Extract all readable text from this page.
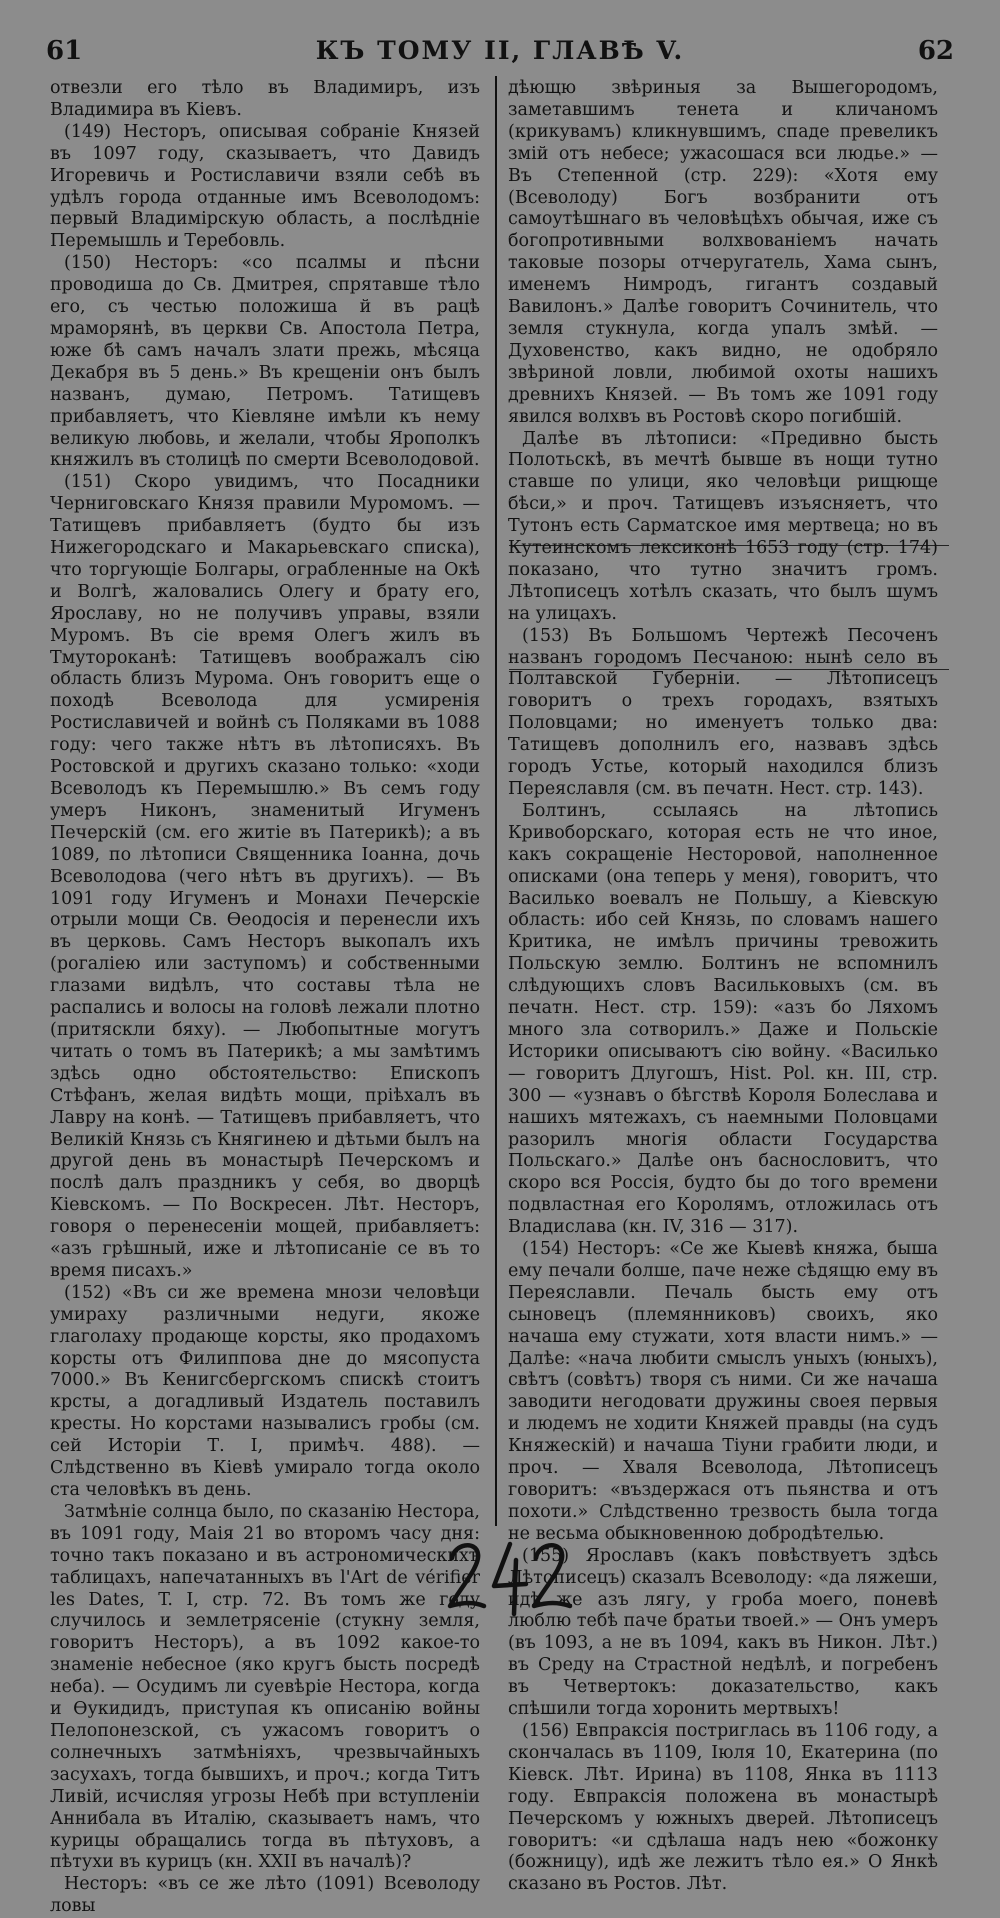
61	КЪ ТОМУ II, ГЛАВѢ V.	62

отвезли его тѣло въ Владимиръ, изъ Владимира въ Кіевъ.

(149) Несторъ, описывая собраніе Князей въ 1097 году, сказываетъ, что Давидъ Игоревичь и Ростиславичи взяли себѣ въ удѣлъ города отданные имъ Всеволодомъ: первый Владимірскую область, а послѣдніе Перемышль и Теребовль.

(150) Несторъ: «со псалмы и пѣсни проводиша до Св. Дмитрея, спрятавше тѣло его, съ честью положиша й въ рацѣ мраморянѣ, въ церкви Св. Апостола Петра, юже бѣ самъ началъ злати прежь, мѣсяца Декабря въ 5 день.» Въ крещеніи онъ былъ названъ, думаю, Петромъ. Татищевъ прибавляетъ, что Кіевляне имѣли къ нему великую любовь, и желали, чтобы Ярополкъ княжилъ въ столицѣ по смерти Всеволодовой.

(151) Скоро увидимъ, что Посадники Черниговскаго Князя правили Муромомъ. — Татищевъ прибавляетъ (будто бы изъ Нижегородскаго и Макарьевскаго списка), что торгующіе Болгары, ограбленные на Окѣ и Волгѣ, жаловались Олегу и брату его, Ярославу, но не получивъ управы, взяли Муромъ. Въ сіе время Олегъ жилъ въ Тмутороканѣ: Татищевъ воображалъ сію область близъ Мурома. Онъ говоритъ еще о походѣ Всеволода для усмиренія Ростиславичей и войнѣ съ Поляками въ 1088 году: чего также нѣтъ въ лѣтописяхъ. Въ Ростовской и другихъ сказано только: «ходи Всеволодъ къ Перемышлю.» Въ семъ году умеръ Никонъ, знаменитый Игуменъ Печерскій (см. его житіе въ Патерикѣ); а въ 1089, по лѣтописи Священника Іоанна, дочь Всеволодова (чего нѣтъ въ другихъ). — Въ 1091 году Игуменъ и Монахи Печерскіе отрыли мощи Св. Ѳеодосія и перенесли ихъ въ церковь. Самъ Несторъ выкопалъ ихъ (рогаліею или заступомъ) и собственными глазами видѣлъ, что составы тѣла не распались и волосы на головѣ лежали плотно (притяскли бяху). — Любопытные могутъ читать о томъ въ Патерикѣ; а мы замѣтимъ здѣсь одно обстоятельство: Епископъ Стѣфанъ, желая видѣть мощи, пріѣхалъ въ Лавру на конѣ. — Татищевъ прибавляетъ, что Великій Князь съ Княгинею и дѣтьми былъ на другой день въ монастырѣ Печерскомъ и послѣ далъ праздникъ у себя, во дворцѣ Кіевскомъ. — По Воскресен. Лѣт. Несторъ, говоря о перенесеніи мощей, прибавляетъ: «азъ грѣшный, иже и лѣтописаніе се въ то время писахъ.»

(152) «Въ си же времена мнози человѣци умираху различными недуги, якоже глаголаху продающе корсты, яко продахомъ корсты отъ Филиппова дне до мясопуста 7000.» Въ Кенигсбергскомъ спискѣ стоитъ крсты, а догадливый Издатель поставилъ кресты. Но корстами называлисъ гробы (см. сей Исторіи Т. I, примѣч. 488). — Слѣдственно въ Кіевѣ умирало тогда около ста человѣкъ въ день.

Затмѣніе солнца было, по сказанію Нестора, въ 1091 году, Маія 21 во второмъ часу дня: точно такъ показано и въ астрономическихъ таблицахъ, напечатанныхъ въ l'Art de vérifier les Dates, T. I, стр. 72. Въ томъ же году случилось и землетрясеніе (стукну земля, говоритъ Несторъ), а въ 1092 какое-то знаменіе небесное (яко кругъ бысть посредѣ неба). — Осудимъ ли суевѣріе Нестора, когда и Ѳукидидъ, приступая къ описанію войны Пелопонезской, съ ужасомъ говоритъ о солнечныхъ затмѣніяхъ, чрезвычайныхъ засухахъ, тогда бывшихъ, и проч.; когда Титъ Ливій, исчисляя угрозы Небѣ при вступленіи Аннибала въ Италію, сказываетъ намъ, что курицы обращались тогда въ пѣтуховъ, а пѣтухи въ курицъ (кн. XXII въ началѣ)?

Несторъ: «въ се же лѣто (1091) Всеволоду ловы

дѣющю звѣриныя за Вышегородомъ, заметавшимъ тенета и кличаномъ (крикувамъ) кликнувшимъ, спаде превеликъ змій отъ небесе; ужасошася вси людье.» — Въ Степенной (стр. 229): «Хотя ему (Всеволоду) Богъ возбранити отъ самоутѣшнаго въ человѣцѣхъ обычая, иже съ богопротивными волхвованіемъ начать таковые позоры отчеругатель, Хама сынъ, именемъ Нимродъ, гигантъ создавый Вавилонъ.» Далѣе говоритъ Сочинитель, что земля стукнула, когда упалъ змѣй. — Духовенство, какъ видно, не одобряло звѣриной ловли, любимой охоты нашихъ древнихъ Князей. — Въ томъ же 1091 году явился волхвъ въ Ростовѣ скоро погибшій.

Далѣе въ лѣтописи: «Предивно бысть Полотьскѣ, въ мечтѣ бывше въ нощи тутно ставше по улици, яко человѣци рищюще бѣси,» и проч. Татищевъ изъясняетъ, что Тутонъ есть Сарматское имя мертвеца; но въ Кутеинскомъ лексиконѣ 1653 году (стр. 174) показано, что тутно значитъ громъ. Лѣтописецъ хотѣлъ сказать, что былъ шумъ на улицахъ.

(153) Въ Большомъ Чертежѣ Песоченъ названъ городомъ Песчаною: нынѣ село въ Полтавской Губерніи. — Лѣтописецъ говоритъ о трехъ городахъ, взятыхъ Половцами; но именуетъ только два: Татищевъ дополнилъ его, назвавъ здѣсь городъ Устье, который находился близъ Переяславля (см. въ печатн. Нест. стр. 143).

Болтинъ, ссылаясь на лѣтопись Кривоборскаго, которая есть не что иное, какъ сокращеніе Несторовой, наполненное описками (она теперь у меня), говоритъ, что Василько воевалъ не Польшу, а Кіевскую область: ибо сей Князь, по словамъ нашего Критика, не имѣлъ причины тревожить Польскую землю. Болтинъ не вспомнилъ слѣдующихъ словъ Васильковыхъ (см. въ печатн. Нест. стр. 159): «азъ бо Ляхомъ много зла сотворилъ.» Даже и Польскіе Историки описываютъ сію войну. «Василько — говоритъ Длугошъ, Hist. Pol. кн. III, стр. 300 — «узнавъ о бѣгствѣ Короля Болеслава и нашихъ мятежахъ, съ наемными Половцами разорилъ многія области Государства Польскаго.» Далѣе онъ баснословитъ, что скоро вся Россія, будто бы до того времени подвластная его Королямъ, отложилась отъ Владислава (кн. IV, 316 — 317).

(154) Несторъ: «Се же Кыевѣ княжа, быша ему печали болше, паче неже сѣдящю ему въ Переяславли. Печаль бысть ему отъ сыновецъ (племянниковъ) своихъ, яко начаша ему стужати, хотя власти нимъ.» — Далѣе: «нача любити смыслъ уныхъ (юныхъ), свѣтъ (совѣтъ) творя съ ними. Си же начаша заводити негодовати дружины своея первыя и людемъ не ходити Княжей правды (на судъ Княжескій) и начаша Тіуни грабити люди, и проч. — Хваля Всеволода, Лѣтописецъ говоритъ: «въздержася отъ пьянства и отъ похоти.» Слѣдственно трезвость была тогда не весьма обыкновенною добродѣтелью.

(155) Ярославъ (какъ повѣствуетъ здѣсь Лѣтописецъ) сказалъ Всеволоду: «да ляжеши, идѣ же азъ лягу, у гроба моего, поневѣ люблю тебѣ паче братьи твоей.» — Онъ умеръ (въ 1093, а не въ 1094, какъ въ Никон. Лѣт.) въ Среду на Страстной недѣлѣ, и погребенъ въ Четвертокъ: доказательство, какъ спѣшили тогда хоронить мертвыхъ!

(156) Евпраксія постриглась въ 1106 году, а скончалась въ 1109, Іюля 10, Екатерина (по Кіевск. Лѣт. Ирина) въ 1108, Янка въ 1113 году. Евпраксія положена въ монастырѣ Печерскомъ у южныхъ дверей. Лѣтописецъ говоритъ: «и сдѣлаша надъ нею «божонку (божницу), идѣ же лежитъ тѣло ея.» О Янкѣ сказано въ Ростов. Лѣт.
